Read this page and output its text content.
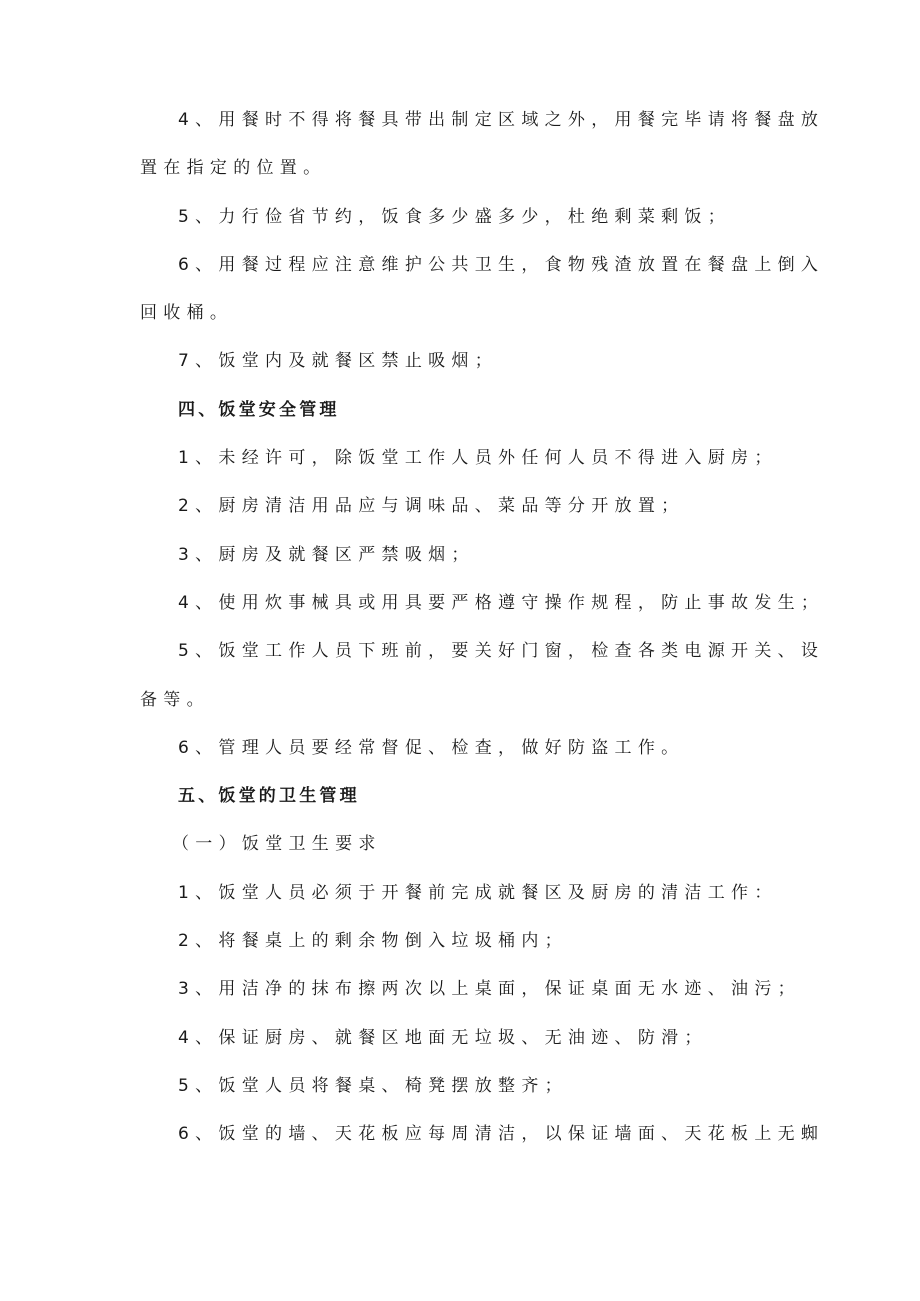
4、用餐时不得将餐具带出制定区域之外，用餐完毕请将餐盘放
置在指定的位置。
5、力行俭省节约，饭食多少盛多少，杜绝剩菜剩饭；
6、用餐过程应注意维护公共卫生，食物残渣放置在餐盘上倒入
回收桶。
7、饭堂内及就餐区禁止吸烟；
四、饭堂安全管理
1、未经许可，除饭堂工作人员外任何人员不得进入厨房；
2、厨房清洁用品应与调味品、菜品等分开放置；
3、厨房及就餐区严禁吸烟；
4、使用炊事械具或用具要严格遵守操作规程，防止事故发生；
5、饭堂工作人员下班前，要关好门窗，检查各类电源开关、设
备等。
6、管理人员要经常督促、检查，做好防盗工作。
五、饭堂的卫生管理
（一）饭堂卫生要求
1、饭堂人员必须于开餐前完成就餐区及厨房的清洁工作：
2、将餐桌上的剩余物倒入垃圾桶内；
3、用洁净的抹布擦两次以上桌面，保证桌面无水迹、油污；
4、保证厨房、就餐区地面无垃圾、无油迹、防滑；
5、饭堂人员将餐桌、椅凳摆放整齐；
6、饭堂的墙、天花板应每周清洁，以保证墙面、天花板上无蜘
